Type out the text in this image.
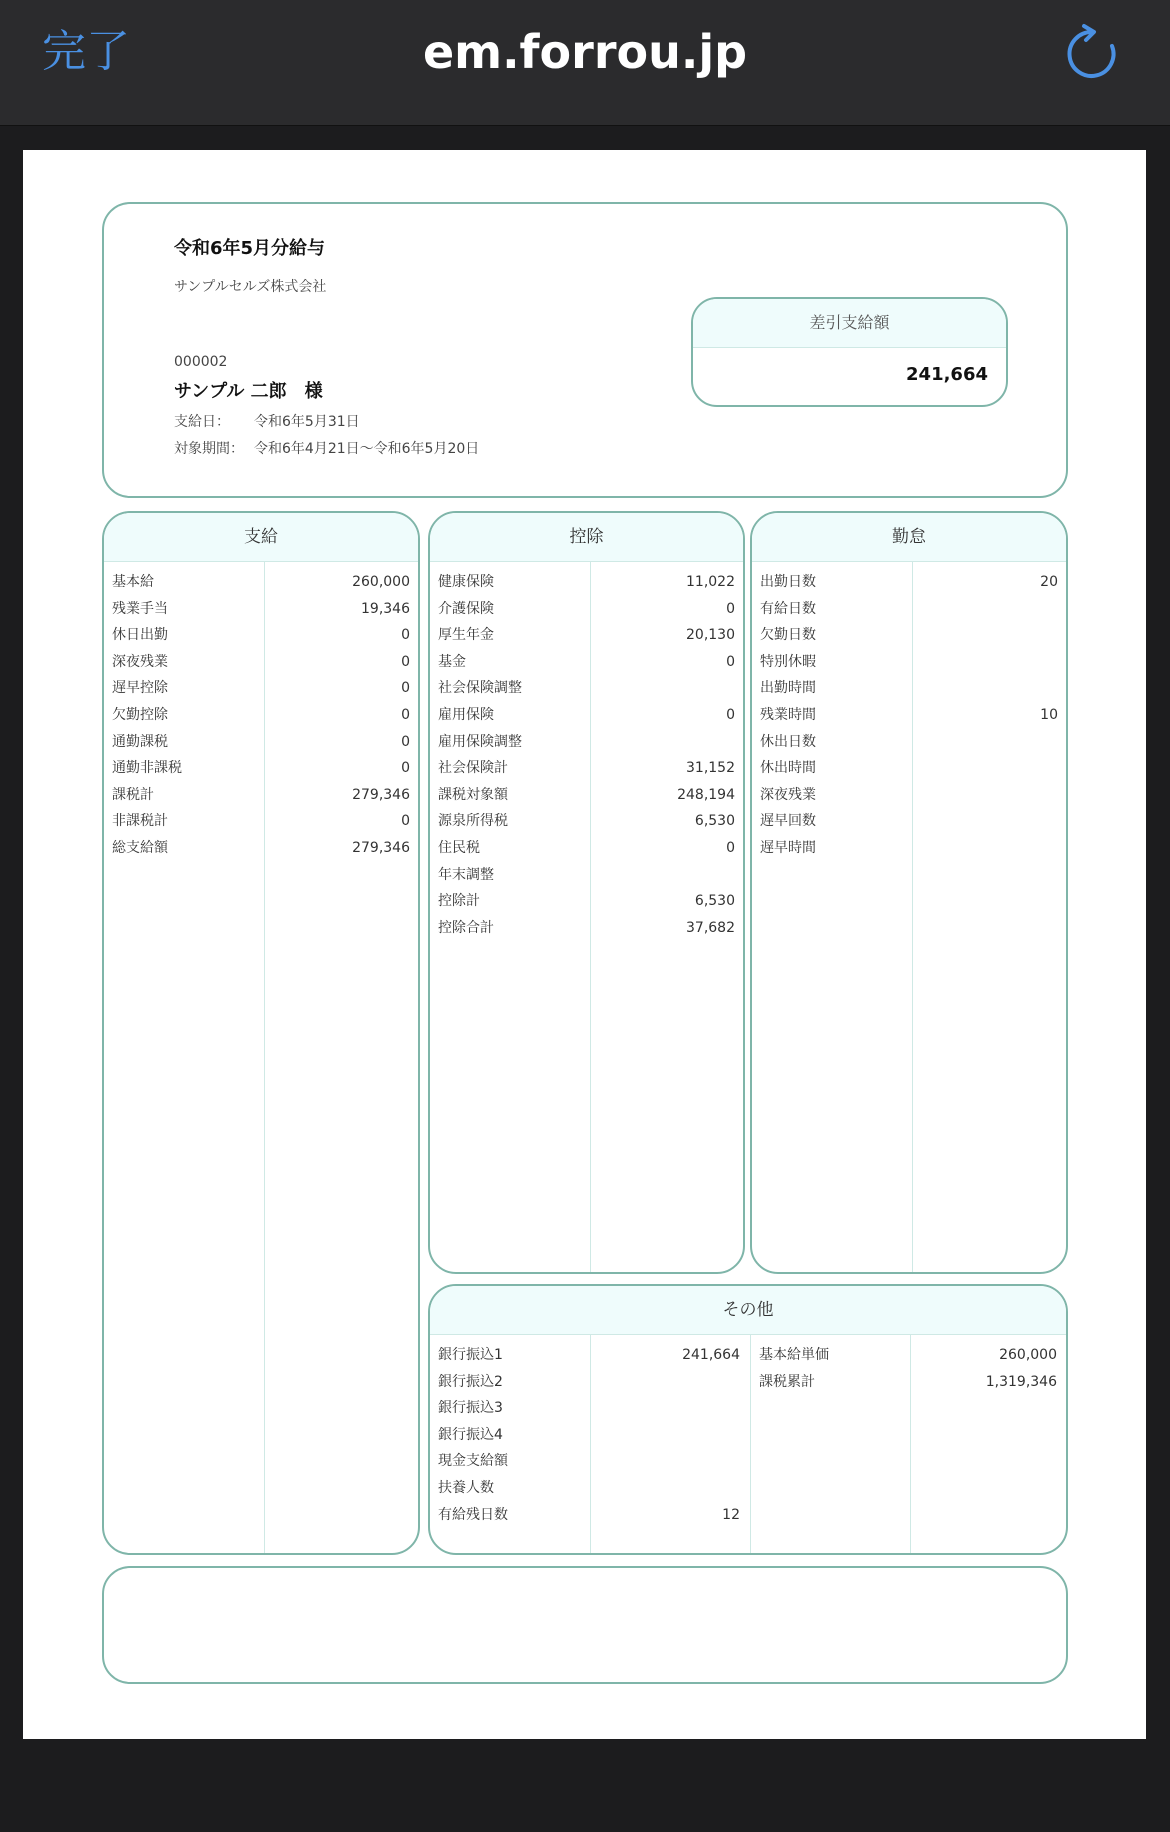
完了	em.forrou.jp
令和6年5月分給与
サンプルセルズ株式会社
000002
サンプル 二郎　様
支給日： 令和6年5月31日
対象期間： 令和6年4月21日〜令和6年5月20日
差引支給額
241,664
支給
基本給	260,000
残業手当	19,346
休日出勤	0
深夜残業	0
遅早控除	0
欠勤控除	0
通勤課税	0
通勤非課税	0
課税計	279,346
非課税計	0
総支給額	279,346
控除
健康保険	11,022
介護保険	0
厚生年金	20,130
基金	0
社会保険調整
雇用保険	0
雇用保険調整
社会保険計	31,152
課税対象額	248,194
源泉所得税	6,530
住民税	0
年末調整
控除計	6,530
控除合計	37,682
勤怠
出勤日数	20
有給日数
欠勤日数
特別休暇
出勤時間
残業時間	10
休出日数
休出時間
深夜残業
遅早回数
遅早時間
その他
銀行振込1	241,664
銀行振込2
銀行振込3
銀行振込4
現金支給額
扶養人数
有給残日数	12
基本給単価	260,000
課税累計	1,319,346
